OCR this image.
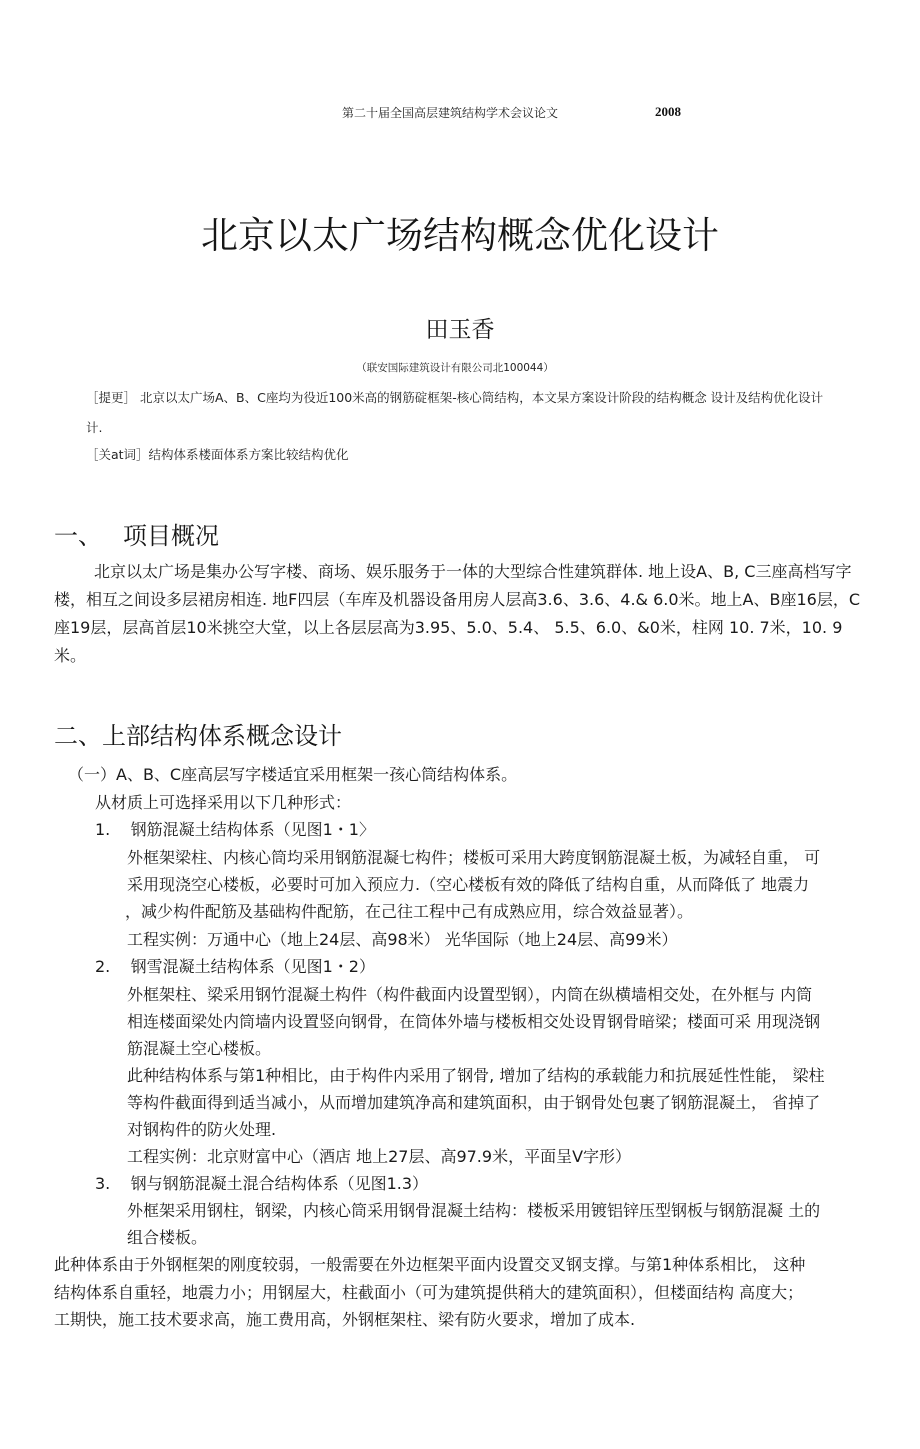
第二十届全国高层建筑结构学术会议论文	2008
北京以太广场结构概念优化设计
田玉香
（联安国际建筑设计有限公司北100044）
［提更］ 北京以太广场A、B、C座均为役近100米高的钢筋碇框架-核心筒结构，本文杲方案设计阶段的结构概念 设计及结构优化设计
计.
［关at词］结构体系楼面体系方案比较结构优化
一、 项目概况
北京以太广场是集办公写字楼、商场、娱乐服务于一体的大型综合性建筑群体. 地上设A、B, C三座高档写字楼，相互之间设多层裙房相连. 地F四层（车库及机器设备用房人层高3.6、3.6、4.& 6.0米。地上A、B座16层，C座19层，层高首层10米挑空大堂，以上各层层高为3.95、5.0、5.4、 5.5、6.0、&0米，柱网 10. 7米，10. 9米。
二、上部结构体系概念设计
（一）A、B、C座高层写字楼适宜采用框架一孩心筒结构体系。
从材质上可选择采用以下几种形式：
1.    钢筋混凝土结构体系（见图1・1〉
外框架梁柱、内核心筒均采用钢筋混凝七构件；楼板可采用大跨度钢筋混凝土板，为减轻自重， 可
采用现浇空心楼板，必要时可加入预应力.（空心楼板有效的降低了结构自重，从而降低了 地震力
，减少构件配筋及基础构件配筋，在己往工程中己有成熟应用，综合效益显著）。
工程实例：万通中心（地上24层、高98米） 光华国际（地上24层、高99米）
2.    钢雪混凝土结构体系（见图1・2）
外框架柱、梁采用钢竹混凝土构件（构件截面内设置型钢），内筒在纵横墙相交处，在外框与 内筒
相连楼面梁处内筒墙内设置竖向钢骨，在筒体外墙与楼板相交处设胃钢骨暗梁；楼面可采 用现浇钢
筋混凝土空心楼板。
此种结构体系与第1种相比，由于构件内采用了钢骨, 增加了结构的承载能力和抗展延性性能， 梁柱
等构件截面得到适当减小，从而增加建筑净高和建筑面积，由于钢骨处包裹了钢筋混凝土， 省掉了
对钢构件的防火处理.
工程实例：北京财富中心（酒店 地上27层、高97.9米，平面呈V字形）
3.    钢与钢筋混凝土混合结构体系（见图1.3）
外框架采用钢柱，钢梁，内核心筒采用钢骨混凝土结构：楼板采用镀铝锌压型钢板与钢筋混凝 土的
组合楼板。
此种体系由于外钢框架的刚度较弱，一般需要在外边框架平面内设置交叉钢支撑。与第1种体系相比， 这种
结构体系自重轻，地震力小；用钢屋大，柱截面小（可为建筑提供稍大的建筑面积），但楼面结构 高度大；
工期快，施工技术要求高，施工费用高，外钢框架柱、梁有防火要求，增加了成本.
